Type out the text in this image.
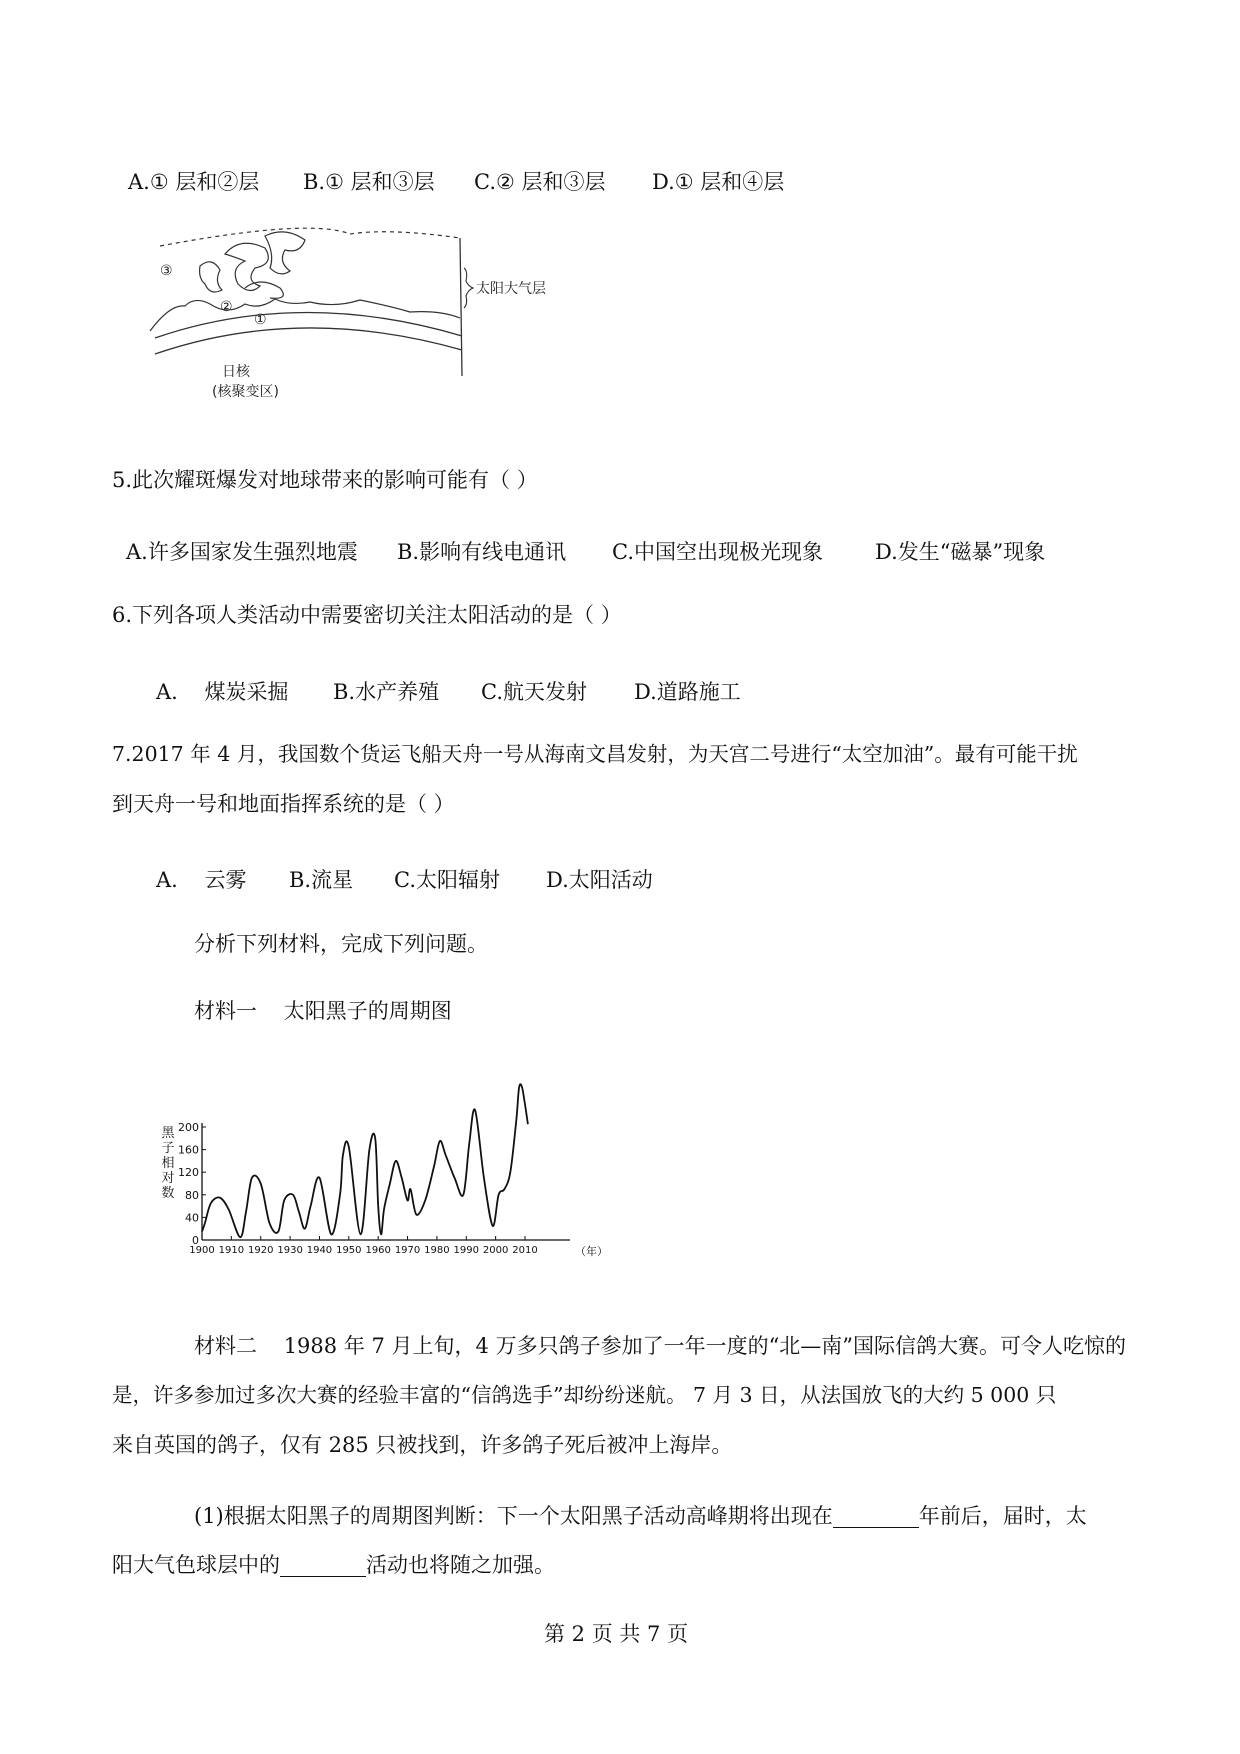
A.① 层和②层 B.① 层和③层 C.② 层和③层 D.① 层和④层
③
②
①
太阳大气层
日核
(核聚变区)
5.此次耀斑爆发对地球带来的影响可能有（ ）
A.许多国家发生强烈地震 B.影响有线电通讯 C.中国空出现极光现象 D.发生“磁暴”现象
6.下列各项人类活动中需要密切关注太阳活动的是（ ）
A.    煤炭采掘 B.水产养殖 C.航天发射 D.道路施工
7.2017 年 4 月，我国数个货运飞船天舟一号从海南文昌发射，为天宫二号进行“太空加油”。最有可能干扰
到天舟一号和地面指挥系统的是（ ）
A.    云雾 B.流星 C.太阳辐射 D.太阳活动
分析下列材料，完成下列问题。
材料一    太阳黑子的周期图
黑
子
相
对
数
0
40
80
120
160
200
1900 1910 1920 1930 1940 1950 1960 1970 1980 1990 2000 2010	（年）
材料二    1988 年 7 月上旬，4 万多只鸽子参加了一年一度的“北—南”国际信鸽大赛。可令人吃惊的
是，许多参加过多次大赛的经验丰富的“信鸽选手”却纷纷迷航。 7 月 3 日，从法国放飞的大约 5 000 只
来自英国的鸽子，仅有 285 只被找到，许多鸽子死后被冲上海岸。
(1)根据太阳黑子的周期图判断：下一个太阳黑子活动高峰期将出现在	年前后，届时，太
阳大气色球层中的	活动也将随之加强。
第 2 页 共 7 页
